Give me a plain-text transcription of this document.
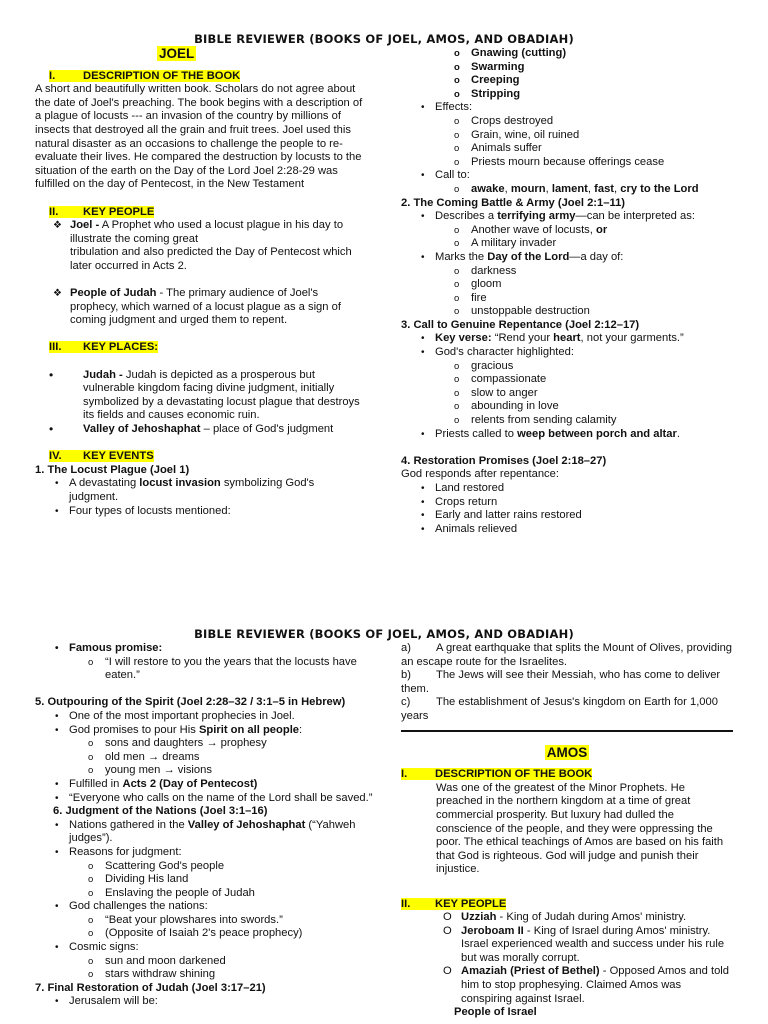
BIBLE REVIEWER (BOOKS OF JOEL, AMOS, AND OBADIAH)
JOEL
I. DESCRIPTION OF THE BOOK

A short and beautifully written book. Scholars do not agree about the date of Joel's preaching. The book begins with a description of a plague of locusts --- an invasion of the country by millions of insects that destroyed all the grain and fruit trees. Joel used this natural disaster as an occasions to challenge the people to re-evaluate their lives. He compared the destruction by locusts to the situation of the earth on the Day of the Lord Joel 2:28-29 was fulfilled on the day of Pentecost, in the New Testament

II. KEY PEOPLE
❖ Joel - A Prophet who used a locust plague in his day to illustrate the coming great
tribulation and also predicted the Day of Pentecost which later occurred in Acts 2.
❖ People of Judah - The primary audience of Joel's prophecy, which warned of a locust plague as a sign of coming judgment and urged them to repent.
III. KEY PLACES:
•	Judah - Judah is depicted as a prosperous but vulnerable kingdom facing divine judgment, initially symbolized by a devastating locust plague that destroys its fields and causes economic ruin.
•	Valley of Jehoshaphat – place of God's judgment
IV. KEY EVENTS
1. The Locust Plague (Joel 1)
• A devastating locust invasion symbolizing God's judgment.
• Four types of locusts mentioned:
o Gnawing (cutting)
o Swarming
o Creeping
o Stripping
• Effects:
o Crops destroyed
o Grain, wine, oil ruined
o Animals suffer
o Priests mourn because offerings cease
• Call to:
o awake, mourn, lament, fast, cry to the Lord
2. The Coming Battle & Army (Joel 2:1–11)
• Describes a terrifying army—can be interpreted as:
o Another wave of locusts, or
o A military invader
• Marks the Day of the Lord—a day of:
o darkness
o gloom
o fire
o unstoppable destruction
3. Call to Genuine Repentance (Joel 2:12–17)
• Key verse: “Rend your heart, not your garments.”
• God's character highlighted:
o gracious
o compassionate
o slow to anger
o abounding in love
o relents from sending calamity
• Priests called to weep between porch and altar.
4. Restoration Promises (Joel 2:18–27)

God responds after repentance:

• Land restored
• Crops return
• Early and latter rains restored
• Animals relieved
BIBLE REVIEWER (BOOKS OF JOEL, AMOS, AND OBADIAH)
• Famous promise:
o “I will restore to you the years that the locusts have eaten.”
5. Outpouring of the Spirit (Joel 2:28–32 / 3:1–5 in Hebrew)
• One of the most important prophecies in Joel.
• God promises to pour His Spirit on all people:
o sons and daughters → prophesy
o old men → dreams
o young men → visions
• Fulfilled in Acts 2 (Day of Pentecost)
• “Everyone who calls on the name of the Lord shall be saved.”
6. Judgment of the Nations (Joel 3:1–16)
• Nations gathered in the Valley of Jehoshaphat (“Yahweh judges”).
• Reasons for judgment:
o Scattering God's people
o Dividing His land
o Enslaving the people of Judah
• God challenges the nations:
o “Beat your plowshares into swords.”
o (Opposite of Isaiah 2's peace prophecy)
• Cosmic signs:
o sun and moon darkened
o stars withdraw shining
7. Final Restoration of Judah (Joel 3:17–21)
• Jerusalem will be:
a) A great earthquake that splits the Mount of Olives, providing an escape route for the Israelites.
b) The Jews will see their Messiah, who has come to deliver them.
c) The establishment of Jesus's kingdom on Earth for 1,000 years
AMOS
I. DESCRIPTION OF THE BOOK

Was one of the greatest of the Minor Prophets. He preached in the northern kingdom at a time of great commercial prosperity. But luxury had dulled the conscience of the people, and they were oppressing the poor. The ethical teachings of Amos are based on his faith that God is righteous. God will judge and punish their injustice.

II. KEY PEOPLE
O Uzziah - King of Judah during Amos' ministry.
O Jeroboam II - King of Israel during Amos' ministry. Israel experienced wealth and success under his rule but was morally corrupt.
O Amaziah (Priest of Bethel) - Opposed Amos and told him to stop prophesying. Claimed Amos was conspiring against Israel.
People of Israel
